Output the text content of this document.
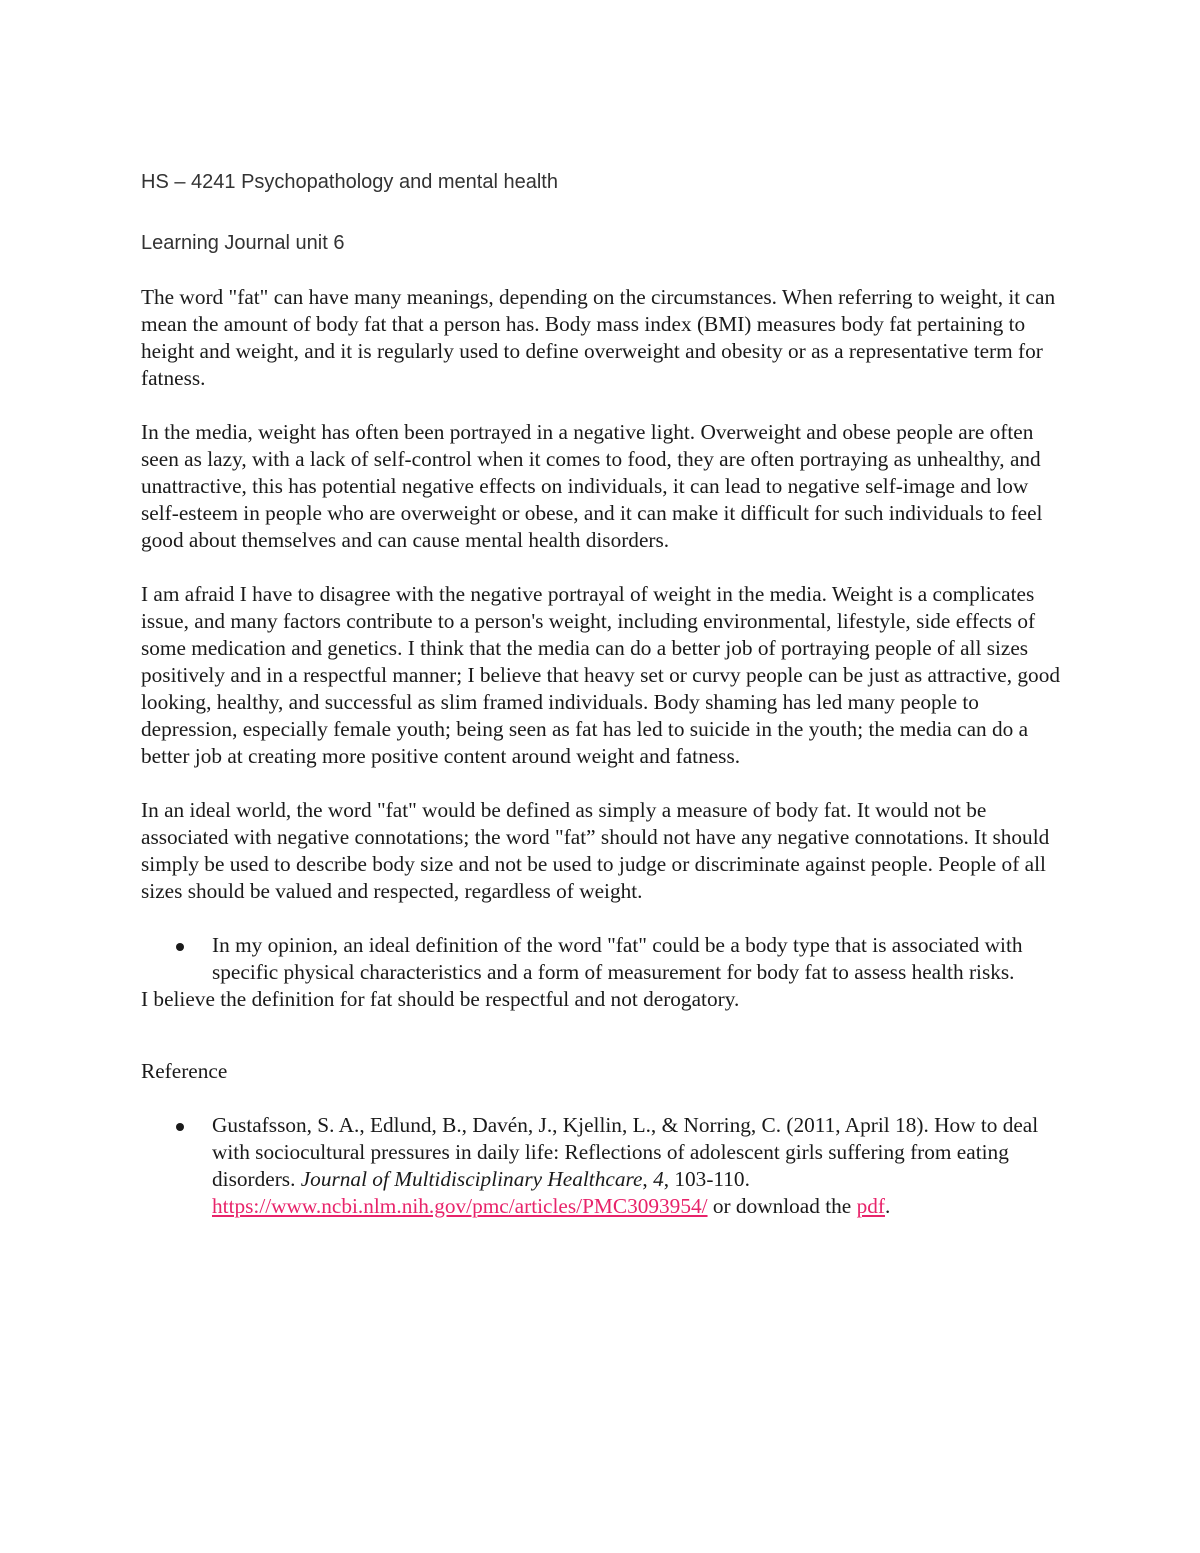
HS – 4241 Psychopathology and mental health

Learning Journal unit 6

The word "fat" can have many meanings, depending on the circumstances. When referring to weight, it can mean the amount of body fat that a person has. Body mass index (BMI) measures body fat pertaining to height and weight, and it is regularly used to define overweight and obesity or as a representative term for fatness.

In the media, weight has often been portrayed in a negative light. Overweight and obese people are often seen as lazy, with a lack of self-control when it comes to food, they are often portraying as unhealthy, and unattractive, this has potential negative effects on individuals, it can lead to negative self-image and low self-esteem in people who are overweight or obese, and it can make it difficult for such individuals to feel good about themselves and can cause mental health disorders.

I am afraid I have to disagree with the negative portrayal of weight in the media. Weight is a complicates issue, and many factors contribute to a person's weight, including environmental, lifestyle, side effects of some medication and genetics. I think that the media can do a better job of portraying people of all sizes positively and in a respectful manner; I believe that heavy set or curvy people can be just as attractive, good looking, healthy, and successful as slim framed individuals. Body shaming has led many people to depression, especially female youth; being seen as fat has led to suicide in the youth; the media can do a better job at creating more positive content around weight and fatness.

In an ideal world, the word "fat" would be defined as simply a measure of body fat. It would not be associated with negative connotations; the word "fat” should not have any negative connotations. It should simply be used to describe body size and not be used to judge or discriminate against people. People of all sizes should be valued and respected, regardless of weight.

In my opinion, an ideal definition of the word "fat" could be a body type that is associated with specific physical characteristics and a form of measurement for body fat to assess health risks.

I believe the definition for fat should be respectful and not derogatory.

Reference

Gustafsson, S. A., Edlund, B., Davén, J., Kjellin, L., & Norring, C. (2011, April 18). How to deal with sociocultural pressures in daily life: Reflections of adolescent girls suffering from eating disorders. Journal of Multidisciplinary Healthcare, 4, 103-110. https://www.ncbi.nlm.nih.gov/pmc/articles/PMC3093954/ or download the pdf.
